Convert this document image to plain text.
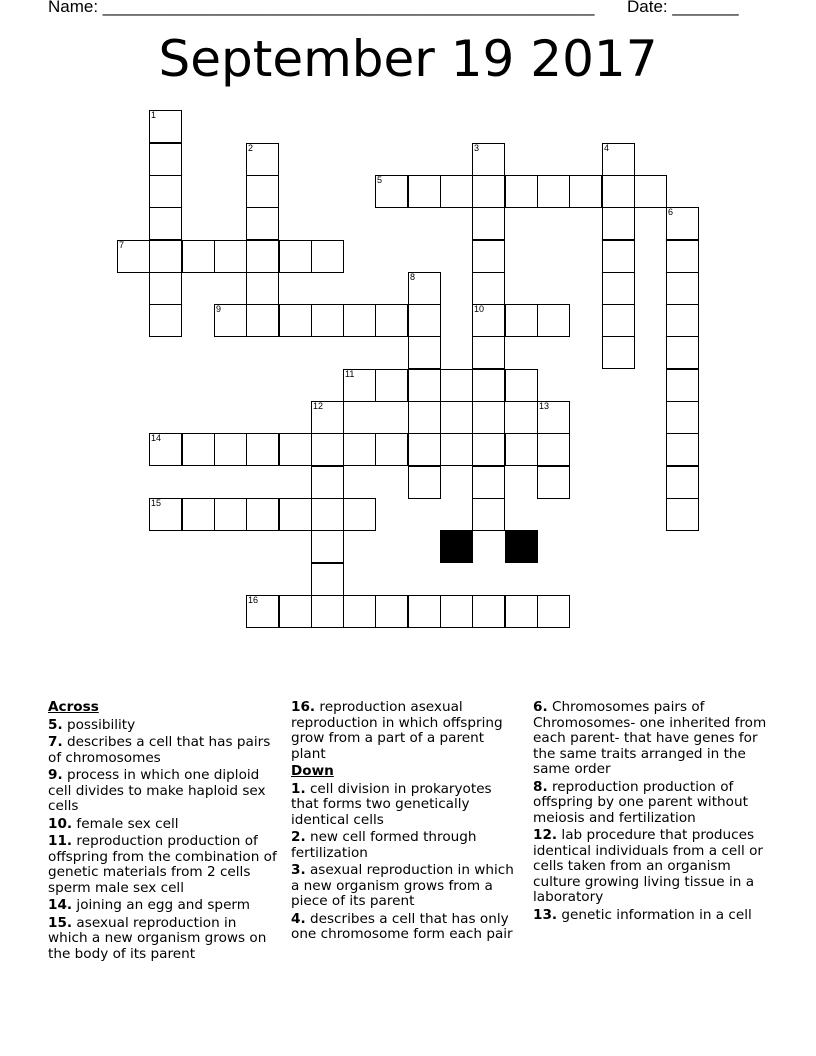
Name: ____________________________________________________ Date: _______
September 19 2017
1
2	3
10
4
5
6
7
8
9
11
12	13
14
15
16
Across
5. possibility
7. describes a cell that has pairs of chromosomes
9. process in which one diploid cell divides to make haploid sex cells
10. female sex cell
11. reproduction production of offspring from the combination of genetic materials from 2 cells sperm male sex cell
14. joining an egg and sperm
15. asexual reproduction in which a new organism grows on the body of its parent
16. reproduction asexual reproduction in which offspring grow from a part of a parent plant
Down
1. cell division in prokaryotes that forms two genetically identical cells
2. new cell formed through fertilization
3. asexual reproduction in which a new organism grows from a piece of its parent
4. describes a cell that has only one chromosome form each pair
6. Chromosomes pairs of Chromosomes- one inherited from each parent- that have genes for the same traits arranged in the same order
8. reproduction production of offspring by one parent without meiosis and fertilization
12. lab procedure that produces identical individuals from a cell or cells taken from an organism culture growing living tissue in a laboratory
13. genetic information in a cell
